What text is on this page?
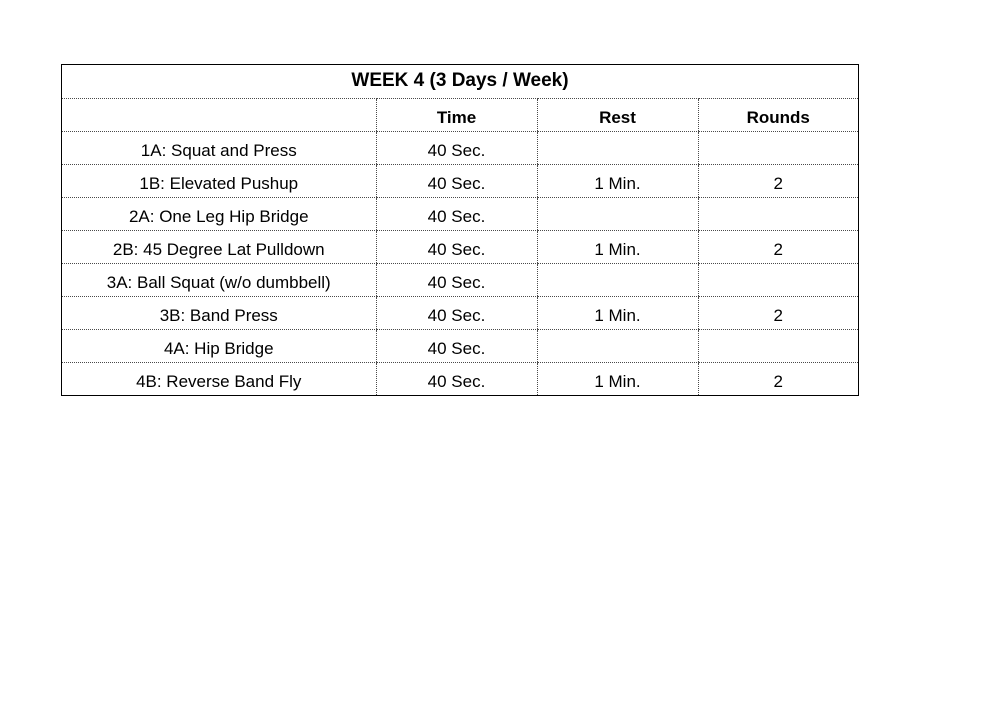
WEEK 4 (3 Days / Week)			
	Time	Rest	Rounds
1A: Squat and Press	40 Sec.		
1B: Elevated Pushup	40 Sec.	1 Min.	2
2A: One Leg Hip Bridge	40 Sec.		
2B: 45 Degree Lat Pulldown	40 Sec.	1 Min.	2
3A: Ball Squat (w/o dumbbell)	40 Sec.		
3B: Band Press	40 Sec.	1 Min.	2
4A: Hip Bridge	40 Sec.		
4B: Reverse Band Fly	40 Sec.	1 Min.	2
